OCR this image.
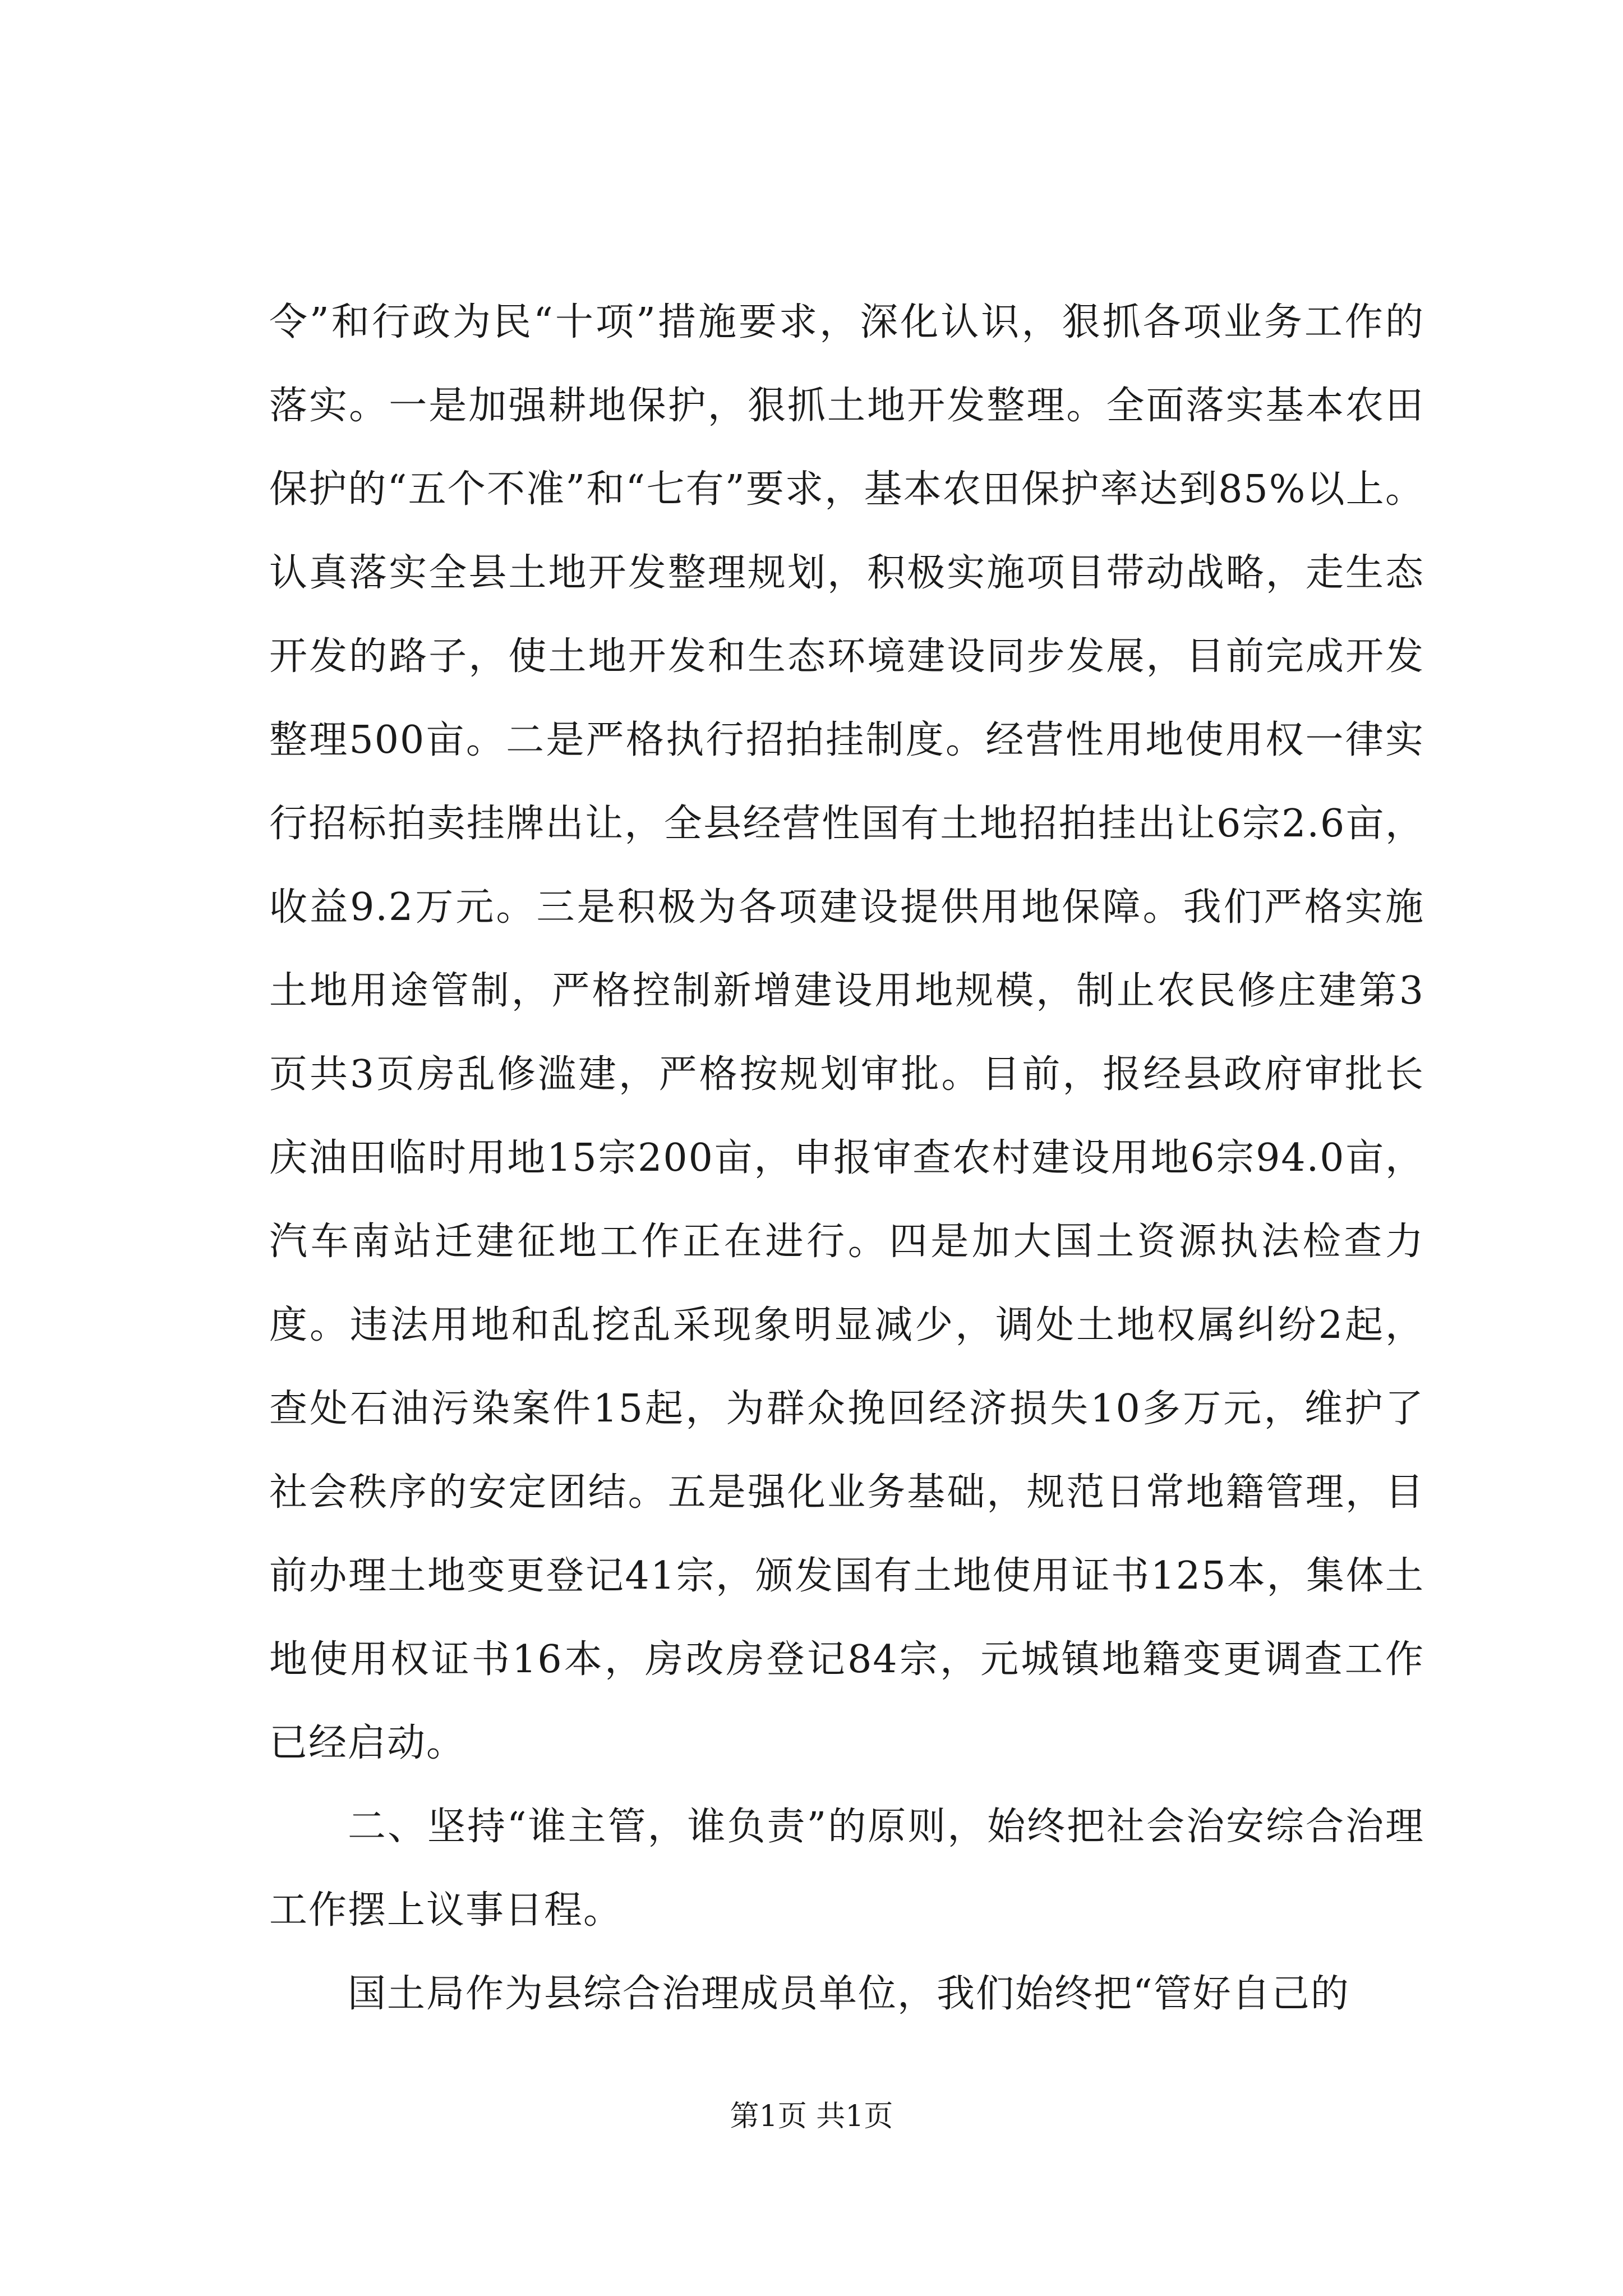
令”和行政为民“十项”措施要求，深化认识，狠抓各项业务工作的落实。一是加强耕地保护，狠抓土地开发整理。全面落实基本农田保护的“五个不准”和“七有”要求，基本农田保护率达到85%以上。认真落实全县土地开发整理规划，积极实施项目带动战略，走生态开发的路子，使土地开发和生态环境建设同步发展，目前完成开发整理500亩。二是严格执行招拍挂制度。经营性用地使用权一律实行招标拍卖挂牌出让，全县经营性国有土地招拍挂出让6宗2.6亩，收益9.2万元。三是积极为各项建设提供用地保障。我们严格实施土地用途管制，严格控制新增建设用地规模，制止农民修庄建第3页共3页房乱修滥建，严格按规划审批。目前，报经县政府审批长庆油田临时用地15宗200亩，申报审查农村建设用地6宗94.0亩，汽车南站迁建征地工作正在进行。四是加大国土资源执法检查力度。违法用地和乱挖乱采现象明显减少，调处土地权属纠纷2起，查处石油污染案件15起，为群众挽回经济损失10多万元，维护了社会秩序的安定团结。五是强化业务基础，规范日常地籍管理，目前办理土地变更登记41宗，颁发国有土地使用证书125本，集体土地使用权证书16本，房改房登记84宗，元城镇地籍变更调查工作已经启动。

二、坚持“谁主管，谁负责”的原则，始终把社会治安综合治理工作摆上议事日程。

国土局作为县综合治理成员单位，我们始终把“管好自己的

第1页 共1页
